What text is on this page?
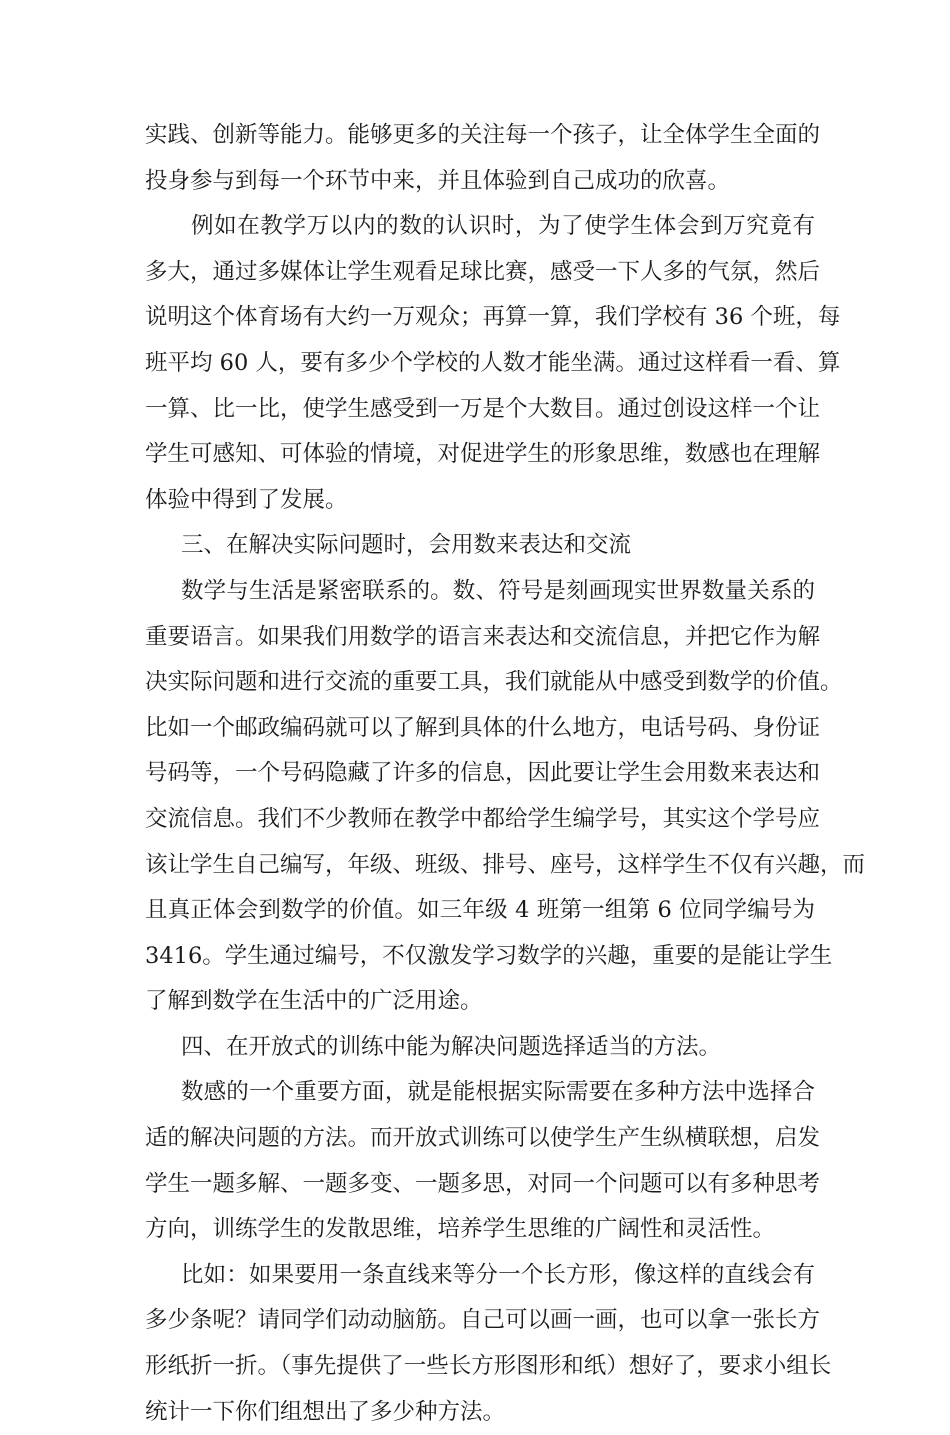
实践、创新等能力。能够更多的关注每一个孩子，让全体学生全面的
投身参与到每一个环节中来，并且体验到自己成功的欣喜。
例如在教学万以内的数的认识时，为了使学生体会到万究竟有
多大，通过多媒体让学生观看足球比赛，感受一下人多的气氛，然后
说明这个体育场有大约一万观众；再算一算，我们学校有 36 个班，每
班平均 60 人，要有多少个学校的人数才能坐满。通过这样看一看、算
一算、比一比，使学生感受到一万是个大数目。通过创设这样一个让
学生可感知、可体验的情境，对促进学生的形象思维，数感也在理解
体验中得到了发展。
三、在解决实际问题时，会用数来表达和交流
数学与生活是紧密联系的。数、符号是刻画现实世界数量关系的
重要语言。如果我们用数学的语言来表达和交流信息，并把它作为解
决实际问题和进行交流的重要工具，我们就能从中感受到数学的价值。
比如一个邮政编码就可以了解到具体的什么地方，电话号码、身份证
号码等，一个号码隐藏了许多的信息，因此要让学生会用数来表达和
交流信息。我们不少教师在教学中都给学生编学号，其实这个学号应
该让学生自己编写，年级、班级、排号、座号，这样学生不仅有兴趣，而
且真正体会到数学的价值。如三年级 4 班第一组第 6 位同学编号为
3416。学生通过编号，不仅激发学习数学的兴趣，重要的是能让学生
了解到数学在生活中的广泛用途。
四、在开放式的训练中能为解决问题选择适当的方法。
数感的一个重要方面，就是能根据实际需要在多种方法中选择合
适的解决问题的方法。而开放式训练可以使学生产生纵横联想，启发
学生一题多解、一题多变、一题多思，对同一个问题可以有多种思考
方向，训练学生的发散思维，培养学生思维的广阔性和灵活性。
比如：如果要用一条直线来等分一个长方形，像这样的直线会有
多少条呢？请同学们动动脑筋。自己可以画一画，也可以拿一张长方
形纸折一折。（事先提供了一些长方形图形和纸）想好了，要求小组长
统计一下你们组想出了多少种方法。
